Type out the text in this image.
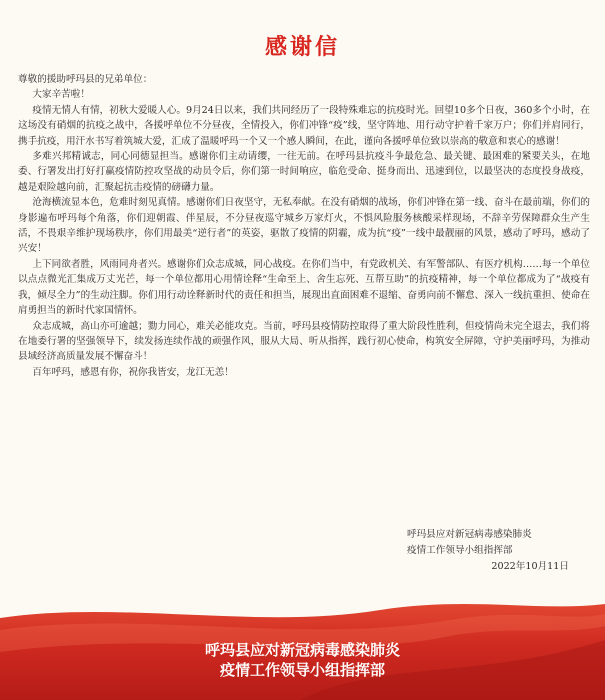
感谢信

尊敬的援助呼玛县的兄弟单位：

大家辛苦啦！

疫情无情人有情，初秋大爱暖人心。9月24日以来，我们共同经历了一段特殊难忘的抗疫时光。回望10多个日夜，360多个小时，在这场没有硝烟的抗疫之战中，各援呼单位不分昼夜，全情投入，你们冲锋“疫”线，坚守阵地、用行动守护着千家万户；你们并肩同行，携手抗疫，用汗水书写着筑城大爱，汇成了温暖呼玛一个又一个感人瞬间，在此，谨向各援呼单位致以崇高的敬意和衷心的感谢！

多难兴邦精诚志，同心同德显担当。感谢你们主动请缨，一往无前。在呼玛县抗疫斗争最危急、最关键、最困难的紧要关头，在地委、行署发出打好打赢疫情防控攻坚战的动员令后，你们第一时间响应，临危受命、挺身而出、迅速到位，以最坚决的态度投身战疫，越是艰险越向前，汇聚起抗击疫情的磅礴力量。

沧海横流显本色，危难时刻见真情。感谢你们日夜坚守，无私奉献。在没有硝烟的战场，你们冲锋在第一线、奋斗在最前端，你们的身影遍布呼玛每个角落，你们迎朝霞、伴星辰，不分昼夜巡守城乡万家灯火，不惧风险服务核酸采样现场，不辞辛劳保障群众生产生活，不畏艰辛维护现场秩序，你们用最美“逆行者”的英姿，驱散了疫情的阴霾，成为抗“疫”一线中最靓丽的风景，感动了呼玛，感动了兴安！

上下同欲者胜，风雨同舟者兴。感谢你们众志成城，同心战疫。在你们当中，有党政机关、有军警部队、有医疗机构……每一个单位以点点微光汇集成万丈光芒，每一个单位都用心用情诠释“生命至上、舍生忘死、互帮互助”的抗疫精神，每一个单位都成为了“战疫有我，倾尽全力”的生动注脚。你们用行动诠释新时代的责任和担当，展现出直面困难不退缩、奋勇向前不懈怠、深入一线抗重担、使命在肩勇担当的新时代家国情怀。

众志成城，高山亦可逾越；勠力同心，难关必能攻克。当前，呼玛县疫情防控取得了重大阶段性胜利，但疫情尚未完全退去，我们将在地委行署的坚强领导下，续发扬连续作战的顽强作风，服从大局、听从指挥，践行初心使命，构筑安全屏障，守护美丽呼玛，为推动县域经济高质量发展不懈奋斗！

百年呼玛，感恩有你，祝你我皆安，龙江无恙！

呼玛县应对新冠病毒感染肺炎
疫情工作领导小组指挥部
2022年10月11日
呼玛县应对新冠病毒感染肺炎
疫情工作领导小组指挥部
